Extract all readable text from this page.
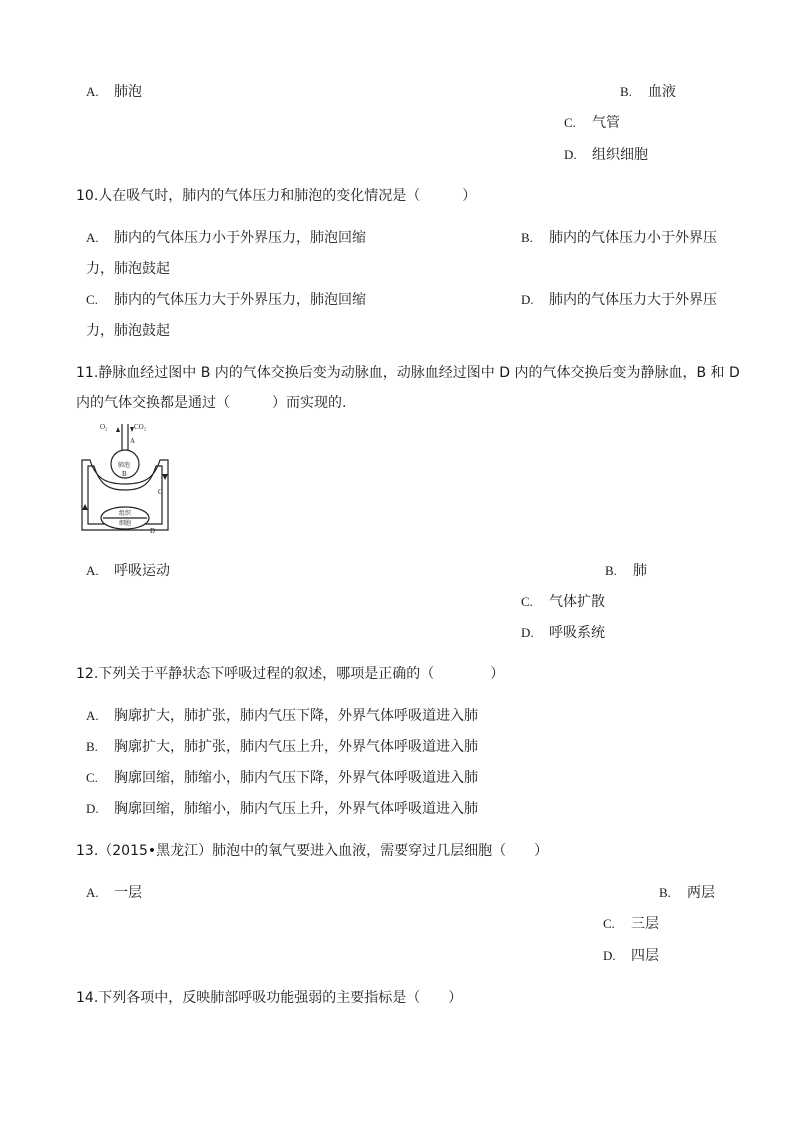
A. 肺泡	B. 血液
C. 气管
D. 组织细胞
10.人在吸气时，肺内的气体压力和肺泡的变化情况是（　　　）
A. 肺内的气体压力小于外界压力，肺泡回缩	B. 肺内的气体压力小于外界压
力，肺泡鼓起
C. 肺内的气体压力大于外界压力，肺泡回缩	D. 肺内的气体压力大于外界压
力，肺泡鼓起
11.静脉血经过图中 B 内的气体交换后变为动脉血，动脉血经过图中 D 内的气体交换后变为静脉血，B 和 D
内的气体交换都是通过（　　　）而实现的.
O₂	CO₂
A
肺泡
B
C
组织
细胞
D
A. 呼吸运动	B. 肺
C. 气体扩散
D. 呼吸系统
12.下列关于平静状态下呼吸过程的叙述，哪项是正确的（　　　　）
A. 胸廓扩大，肺扩张，肺内气压下降，外界气体呼吸道进入肺
B. 胸廓扩大，肺扩张，肺内气压上升，外界气体呼吸道进入肺
C. 胸廓回缩，肺缩小，肺内气压下降，外界气体呼吸道进入肺
D. 胸廓回缩，肺缩小，肺内气压上升，外界气体呼吸道进入肺
13.（2015•黑龙江）肺泡中的氧气要进入血液，需要穿过几层细胞（　　）
A. 一层	B. 两层
C. 三层
D. 四层
14.下列各项中，反映肺部呼吸功能强弱的主要指标是（　　）
